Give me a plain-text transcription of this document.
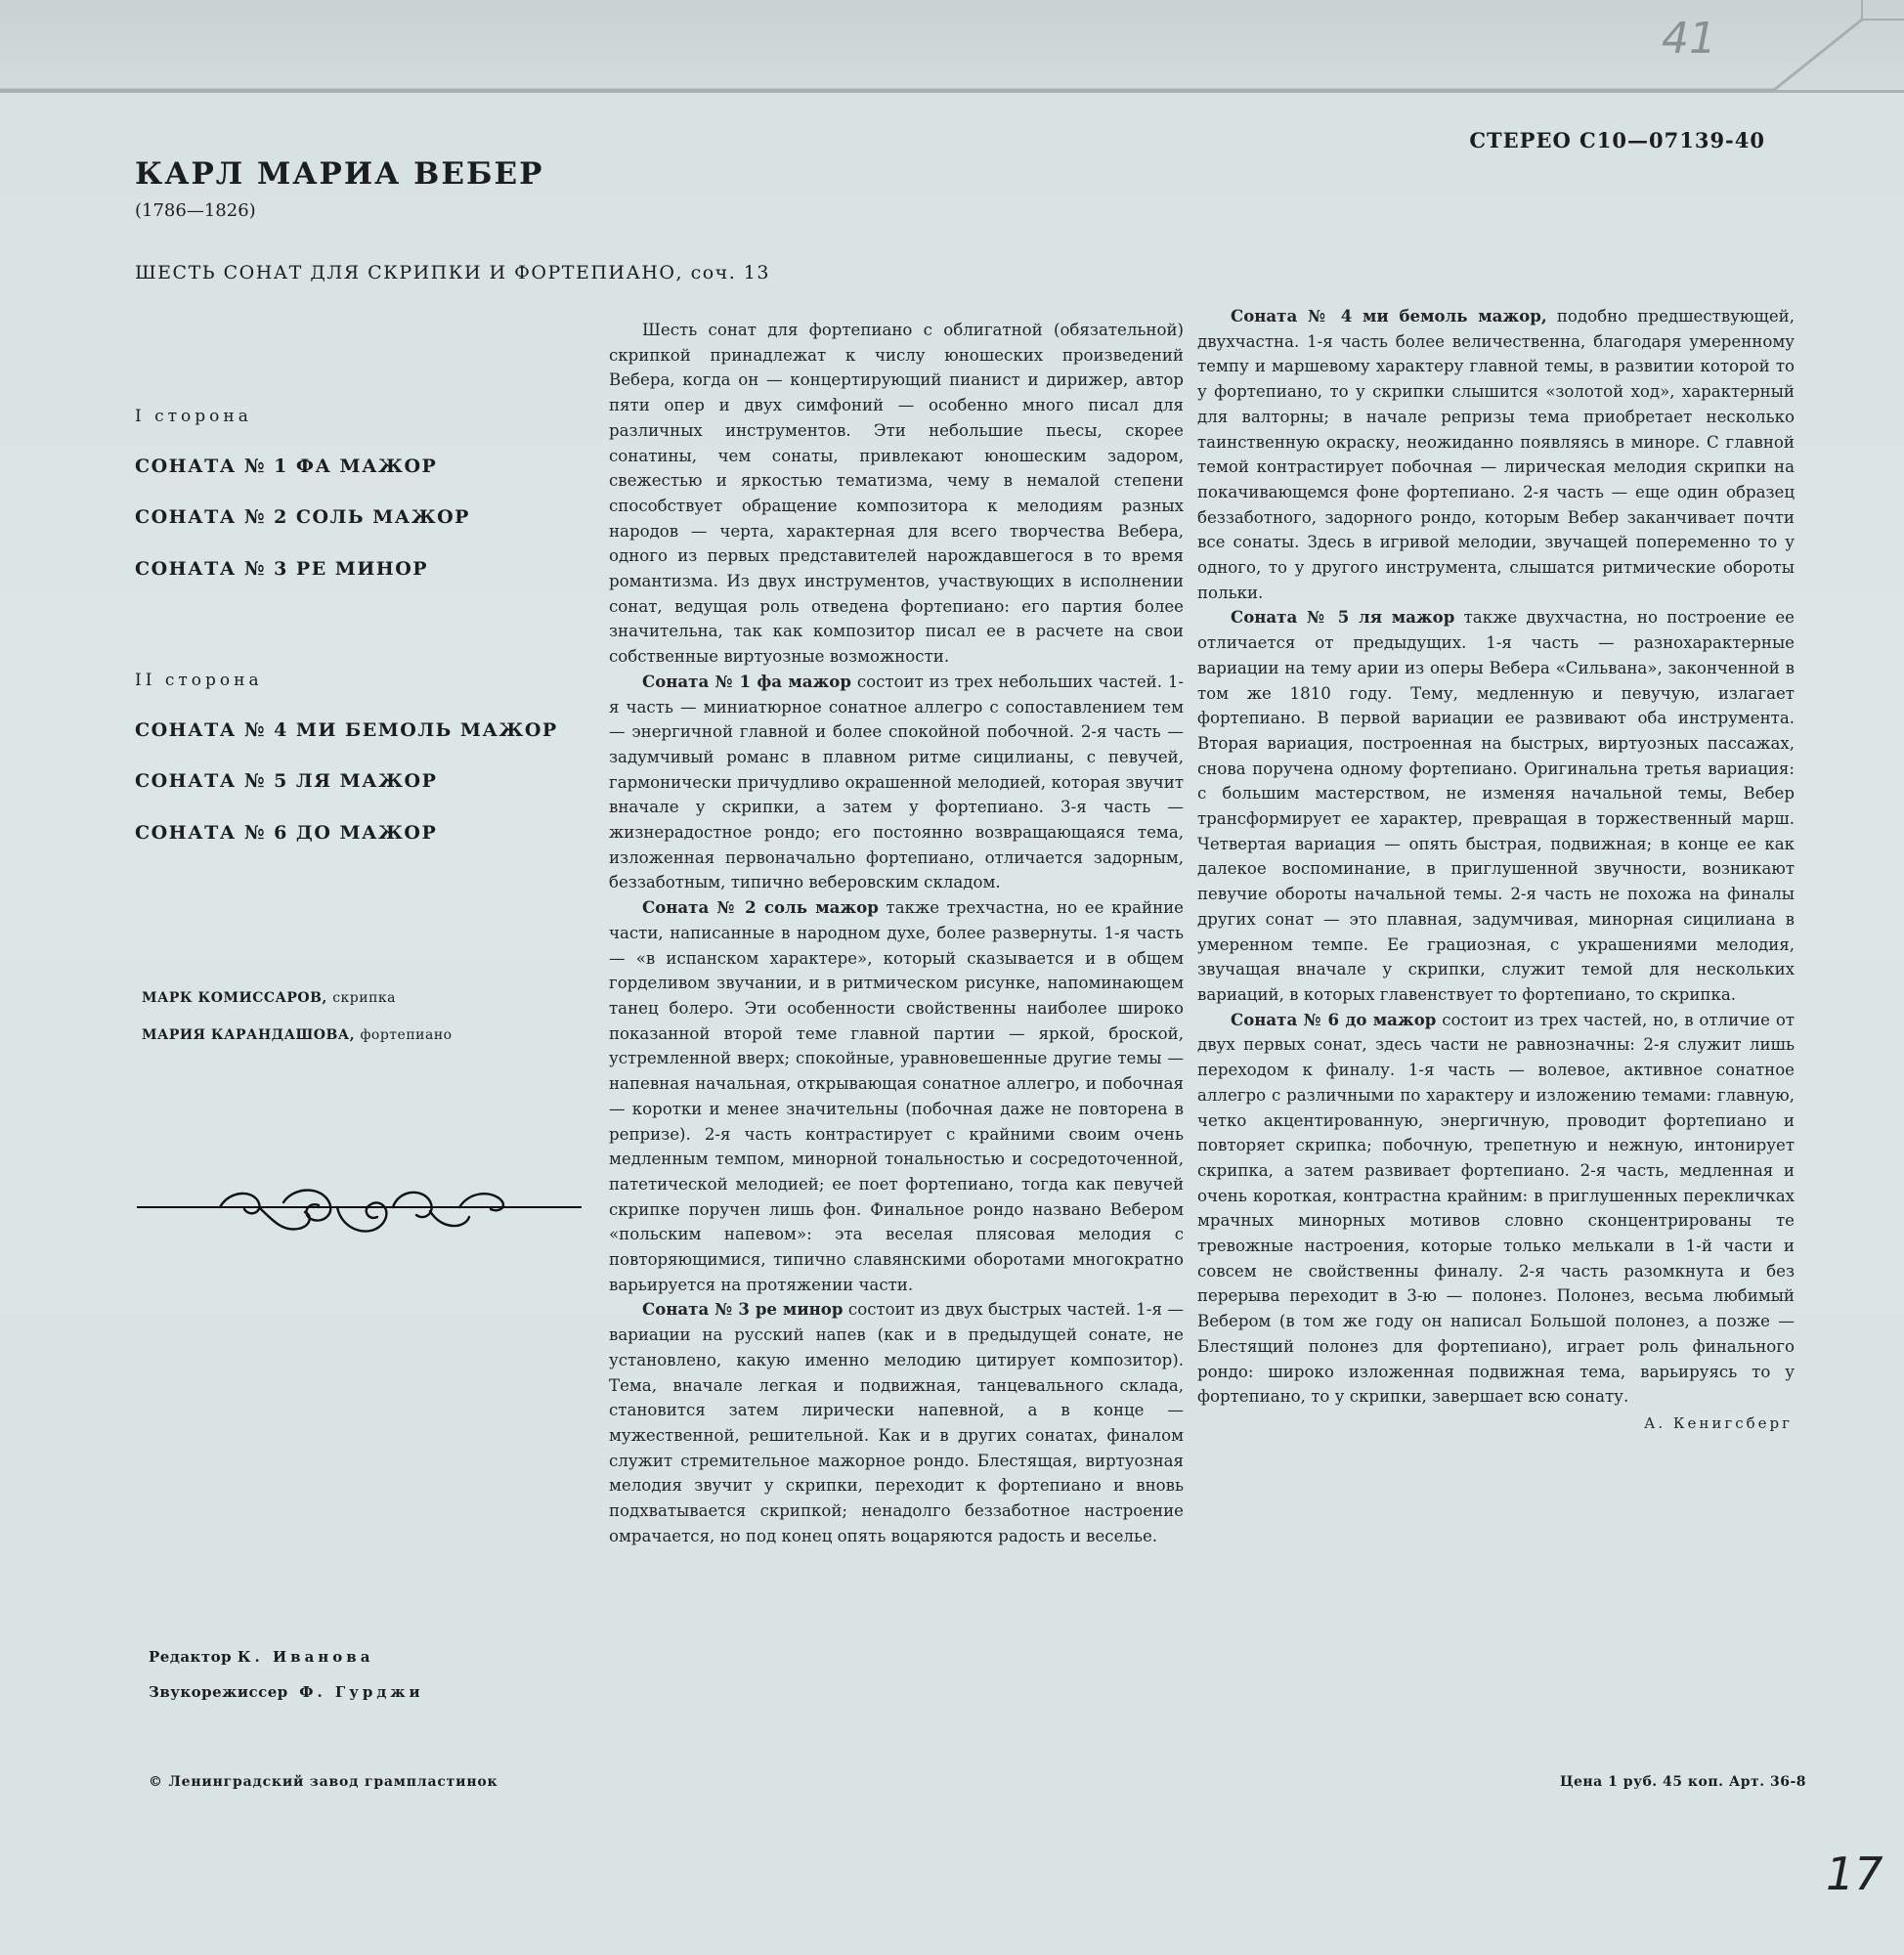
41
17
СТЕРЕО С10—07139-40
КАРЛ МАРИА ВЕБЕР
(1786—1826)
ШЕСТЬ СОНАТ ДЛЯ СКРИПКИ И ФОРТЕПИАНО, соч. 13
I сторона
СОНАТА № 1 ФА МАЖОР
СОНАТА № 2 СОЛЬ МАЖОР
СОНАТА № 3 РЕ МИНОР
II сторона
СОНАТА № 4 МИ БЕМОЛЬ МАЖОР
СОНАТА № 5 ЛЯ МАЖОР
СОНАТА № 6 ДО МАЖОР
МАРК КОМИССАРОВ, скрипка
МАРИЯ КАРАНДАШОВА, фортепиано
Редактор К. Иванова
Звукорежиссер Ф. Гурджи

Шесть сонат для фортепиано с облигатной (обязательной) скрипкой принадлежат к числу юношеских произведений Вебера, когда он — концертирующий пианист и дирижер, автор пяти опер и двух симфоний — особенно много писал для различных инструментов. Эти небольшие пьесы, скорее сонатины, чем сонаты, привлекают юношеским задором, свежестью и яркостью тематизма, чему в немалой степени способствует обращение композитора к мелодиям разных народов — черта, характерная для всего творчества Вебера, одного из первых представителей нарождавшегося в то время романтизма. Из двух инструментов, участвующих в исполнении сонат, ведущая роль отведена фортепиано: его партия более значительна, так как композитор писал ее в расчете на свои собственные виртуозные возможности.

Соната № 1 фа мажор состоит из трех небольших частей. 1-я часть — миниатюрное сонатное аллегро с сопоставлением тем — энергичной главной и более спокойной побочной. 2-я часть — задумчивый романс в плавном ритме сицилианы, с певучей, гармонически причудливо окрашенной мелодией, которая звучит вначале у скрипки, а затем у фортепиано. 3-я часть — жизнерадостное рондо; его постоянно возвращающаяся тема, изложенная первоначально фортепиано, отличается задорным, беззаботным, типично веберовским складом.

Соната № 2 соль мажор также трехчастна, но ее крайние части, написанные в народном духе, более развернуты. 1-я часть — «в испанском характере», который сказывается и в общем горделивом звучании, и в ритмическом рисунке, напоминающем танец болеро. Эти особенности свойственны наиболее широко показанной второй теме главной партии — яркой, броской, устремленной вверх; спокойные, уравновешенные другие темы — напевная начальная, открывающая сонатное аллегро, и побочная — коротки и менее значительны (побочная даже не повторена в репризе). 2-я часть контрастирует с крайними своим очень медленным темпом, минорной тональностью и сосредоточенной, патетической мелодией; ее поет фортепиано, тогда как певучей скрипке поручен лишь фон. Финальное рондо названо Вебером «польским напевом»: эта веселая плясовая мелодия с повторяющимися, типично славянскими оборотами многократно варьируется на протяжении части.

Соната № 3 ре минор состоит из двух быстрых частей. 1-я — вариации на русский напев (как и в предыдущей сонате, не установлено, какую именно мелодию цитирует композитор). Тема, вначале легкая и подвижная, танцевального склада, становится затем лирически напевной, а в конце — мужественной, решительной. Как и в других сонатах, финалом служит стремительное мажорное рондо. Блестящая, виртуозная мелодия звучит у скрипки, переходит к фортепиано и вновь подхватывается скрипкой; ненадолго беззаботное настроение омрачается, но под конец опять воцаряются радость и веселье.

Соната № 4 ми бемоль мажор, подобно предшествующей, двухчастна. 1-я часть более величественна, благодаря умеренному темпу и маршевому характеру главной темы, в развитии которой то у фортепиано, то у скрипки слышится «золотой ход», характерный для валторны; в начале репризы тема приобретает несколько таинственную окраску, неожиданно появляясь в миноре. С главной темой контрастирует побочная — лирическая мелодия скрипки на покачивающемся фоне фортепиано. 2-я часть — еще один образец беззаботного, задорного рондо, которым Вебер заканчивает почти все сонаты. Здесь в игривой мелодии, звучащей попеременно то у одного, то у другого инструмента, слышатся ритмические обороты польки.

Соната № 5 ля мажор также двухчастна, но построение ее отличается от предыдущих. 1-я часть — разнохарактерные вариации на тему арии из оперы Вебера «Сильвана», законченной в том же 1810 году. Тему, медленную и певучую, излагает фортепиано. В первой вариации ее развивают оба инструмента. Вторая вариация, построенная на быстрых, виртуозных пассажах, снова поручена одному фортепиано. Оригинальна третья вариация: с большим мастерством, не изменяя начальной темы, Вебер трансформирует ее характер, превращая в торжественный марш. Четвертая вариация — опять быстрая, подвижная; в конце ее как далекое воспоминание, в приглушенной звучности, возникают певучие обороты начальной темы. 2-я часть не похожа на финалы других сонат — это плавная, задумчивая, минорная сицилиана в умеренном темпе. Ее грациозная, с украшениями мелодия, звучащая вначале у скрипки, служит темой для нескольких вариаций, в которых главенствует то фортепиано, то скрипка.

Соната № 6 до мажор состоит из трех частей, но, в отличие от двух первых сонат, здесь части не равнозначны: 2-я служит лишь переходом к финалу. 1-я часть — волевое, активное сонатное аллегро с различными по характеру и изложению темами: главную, четко акцентированную, энергичную, проводит фортепиано и повторяет скрипка; побочную, трепетную и нежную, интонирует скрипка, а затем развивает фортепиано. 2-я часть, медленная и очень короткая, контрастна крайним: в приглушенных перекличках мрачных минорных мотивов словно сконцентрированы те тревожные настроения, которые только мелькали в 1-й части и совсем не свойственны финалу. 2-я часть разомкнута и без перерыва переходит в 3-ю — полонез. Полонез, весьма любимый Вебером (в том же году он написал Большой полонез, а позже — Блестящий полонез для фортепиано), играет роль финального рондо: широко изложенная подвижная тема, варьируясь то у фортепиано, то у скрипки, завершает всю сонату.

А. Кенигсберг
© Ленинградский завод грампластинок	Цена 1 руб. 45 коп. Арт. 36-8
